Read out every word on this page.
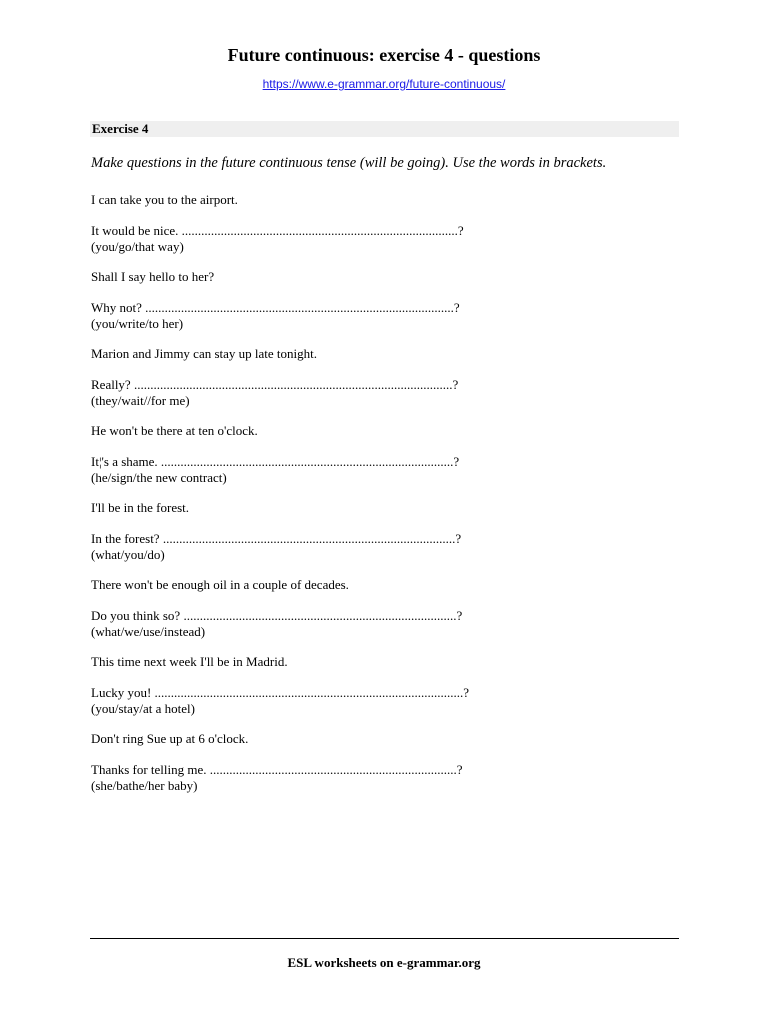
Future continuous: exercise 4 - questions
https://www.e-grammar.org/future-continuous/
Exercise 4
Make questions in the future continuous tense (will be going). Use the words in brackets.
I can take you to the airport.
It would be nice. .....................................................................................?
(you/go/that way)
Shall I say hello to her?
Why not? ...............................................................................................?
(you/write/to her)
Marion and Jimmy can stay up late tonight.
Really? ..................................................................................................?
(they/wait//for me)
He won't be there at ten o'clock.
It¦'s a shame. ..........................................................................................?
(he/sign/the new contract)
I'll be in the forest.
In the forest? ..........................................................................................?
(what/you/do)
There won't be enough oil in a couple of decades.
Do you think so? ....................................................................................?
(what/we/use/instead)
This time next week I'll be in Madrid.
Lucky you! ...............................................................................................?
(you/stay/at a hotel)
Don't ring Sue up at 6 o'clock.
Thanks for telling me. ............................................................................?
(she/bathe/her baby)
ESL worksheets on e-grammar.org
